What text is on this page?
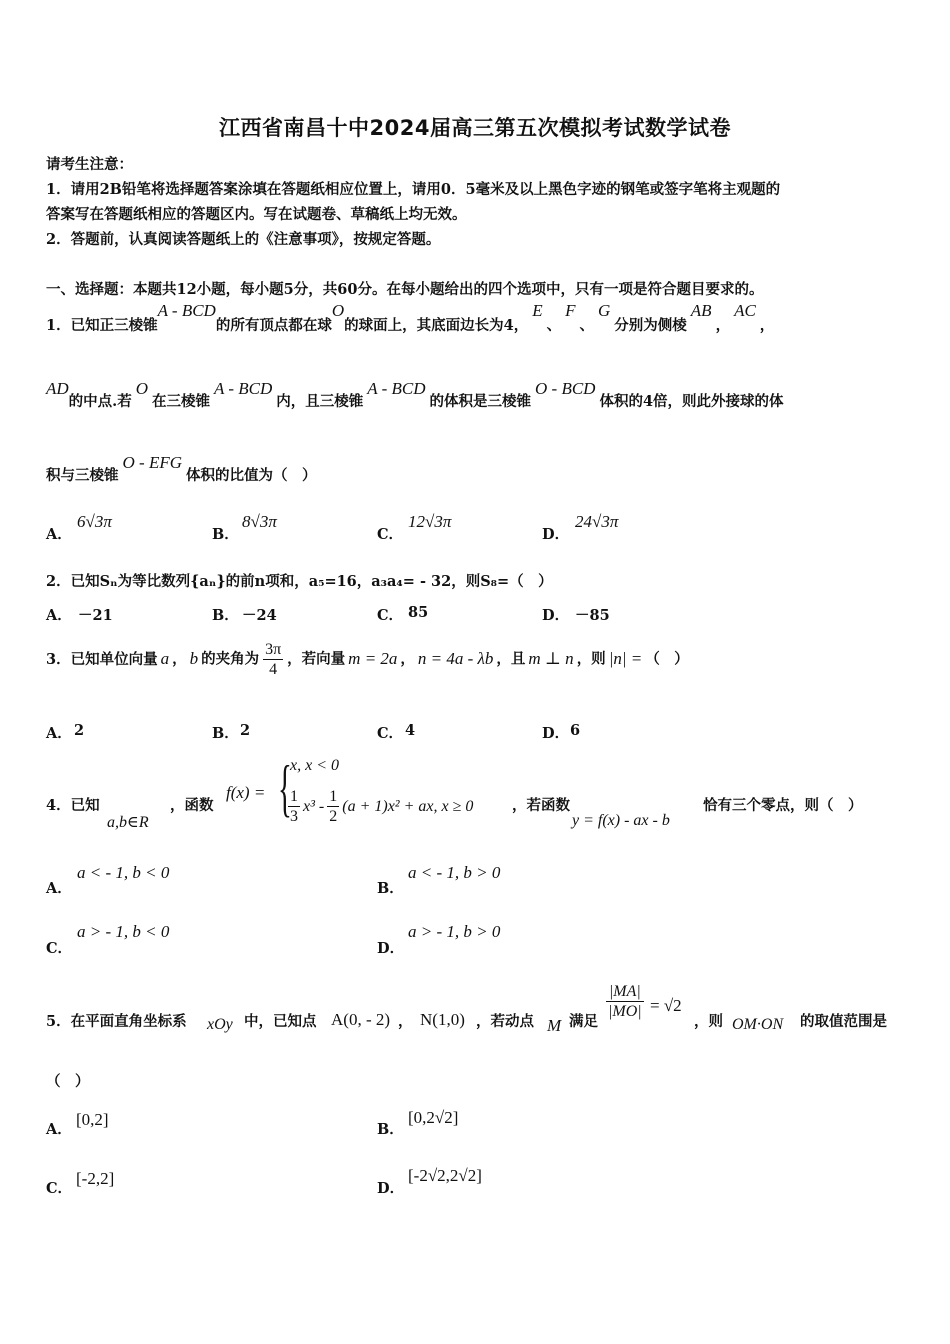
江西省南昌十中2024届高三第五次模拟考试数学试卷
请考生注意：
1．请用2B铅笔将选择题答案涂填在答题纸相应位置上，请用0．5毫米及以上黑色字迹的钢笔或签字笔将主观题的
答案写在答题纸相应的答题区内。写在试题卷、草稿纸上均无效。
2．答题前，认真阅读答题纸上的《注意事项》，按规定答题。
一、选择题：本题共12小题，每小题5分，共60分。在每小题给出的四个选项中，只有一项是符合题目要求的。
1．已知正三棱锥A - BCD的所有顶点都在球O的球面上，其底面边长为4，E、F、G分别为侧棱AB，AC，
AD的中点.若O在三棱锥A - BCD内，且三棱锥A - BCD的体积是三棱锥O - BCD体积的4倍，则此外接球的体
积与三棱锥O - EFG体积的比值为（　）
A．
6√3π
B．
8√3π
C．
12√3π
D．
24√3π
2．已知Sₙ为等比数列{aₙ}的前n项和，a₅=16，a₃a₄= - 32，则S₈=（　）
A． －21	B． －24	C． 85	D． －85
3．已知单位向量 a ， b 的夹角为 $\frac{3\pi}{4}$ ，若向量 m = 2a ， n = 4a - λb ，且 m ⊥ n ，则 |n| = （　）
A． 2	B． 2	C． 4	D． 6
4．已知
a,b∈R
，函数
f(x) = {
x, x < 0
$\frac{1}{3} x^3 - \frac{1}{2} (a + 1)x^2$ + ax, x ≥ 0	，若函数
y = f(x) - ax - b
恰有三个零点，则（　）
A．
a < - 1, b < 0
B．
a < - 1, b > 0
C．
a > - 1, b < 0
D．
a > - 1, b > 0
5．在平面直角坐标系 xOy 中，已知点 A(0, - 2) ， N(1,0) ，若动点 M 满足
$\frac{|MA|}{|MO|} = √2$
，则 OM·ON 的取值范围是
（　）
A．
[0,2]
B．
[0,2√2]
C．
[-2,2]
D．
[-2√2,2√2]
